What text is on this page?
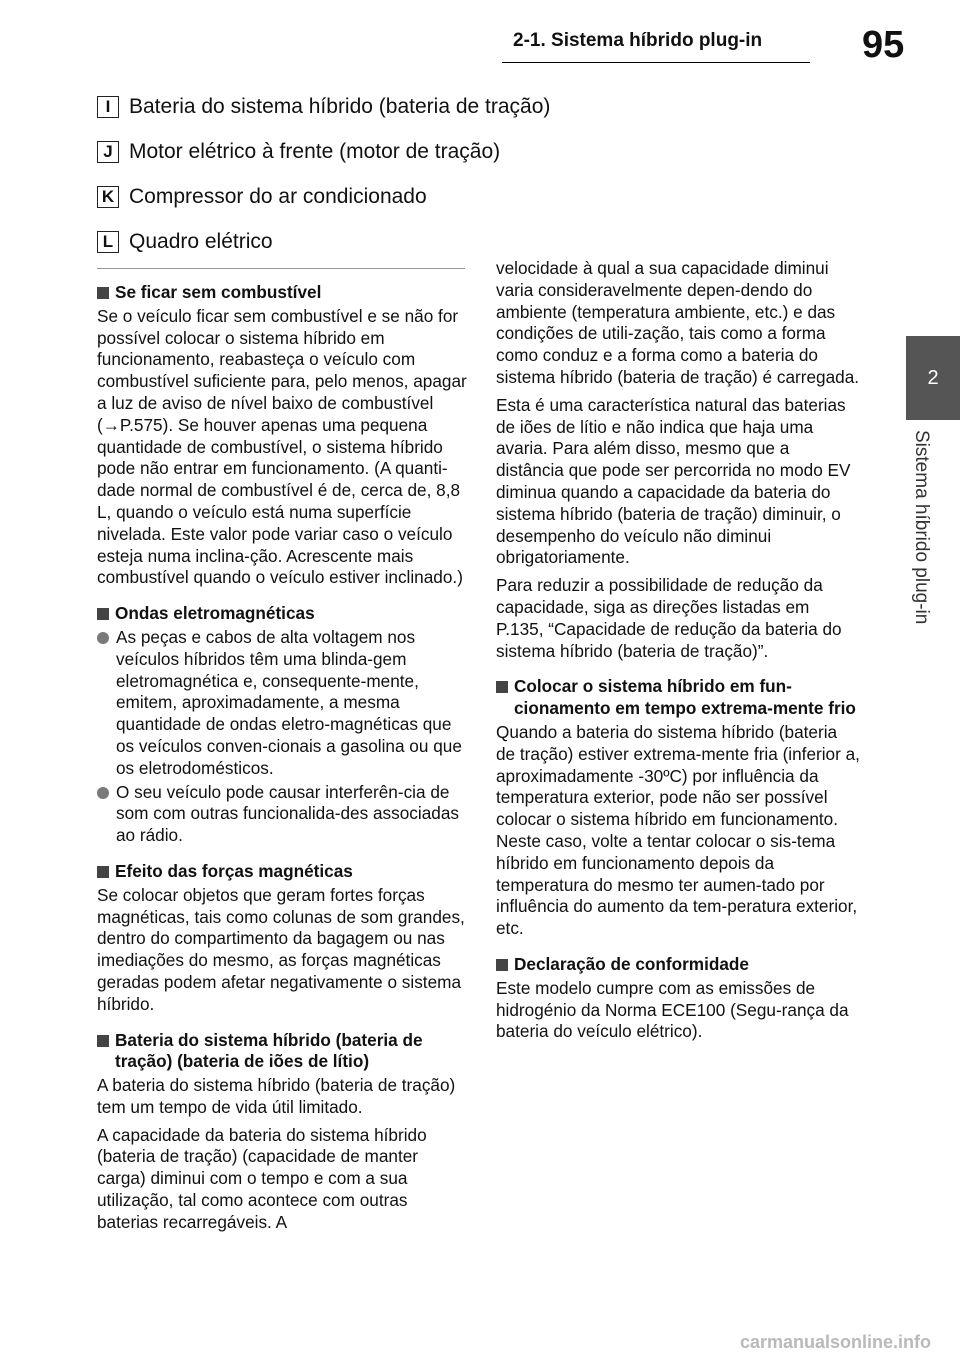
2-1. Sistema híbrido plug-in	95
2
Sistema híbrido plug-in
I Bateria do sistema híbrido (bateria de tração)
J Motor elétrico à frente (motor de tração)
K Compressor do ar condicionado
L Quadro elétrico
Se ficar sem combustível

Se o veículo ficar sem combustível e se não for possível colocar o sistema híbrido em funcionamento, reabasteça o veículo com combustível suficiente para, pelo menos, apagar a luz de aviso de nível baixo de combustível (→P.575). Se houver apenas uma pequena quantidade de combustível, o sistema híbrido pode não entrar em funcionamento. (A quanti-dade normal de combustível é de, cerca de, 8,8 L, quando o veículo está numa superfície nivelada. Este valor pode variar caso o veículo esteja numa inclina-ção. Acrescente mais combustível quando o veículo estiver inclinado.)

Ondas eletromagnéticas
As peças e cabos de alta voltagem nos veículos híbridos têm uma blinda-gem eletromagnética e, consequente-mente, emitem, aproximadamente, a mesma quantidade de ondas eletro-magnéticas que os veículos conven-cionais a gasolina ou que os eletrodomésticos.
O seu veículo pode causar interferên-cia de som com outras funcionalida-des associadas ao rádio.
Efeito das forças magnéticas

Se colocar objetos que geram fortes forças magnéticas, tais como colunas de som grandes, dentro do compartimento da bagagem ou nas imediações do mesmo, as forças magnéticas geradas podem afetar negativamente o sistema híbrido.

Bateria do sistema híbrido (bateria de tração) (bateria de iões de lítio)

A bateria do sistema híbrido (bateria de tração) tem um tempo de vida útil limitado.

A capacidade da bateria do sistema híbrido (bateria de tração) (capacidade de manter carga) diminui com o tempo e com a sua utilização, tal como acontece com outras baterias recarregáveis. A

velocidade à qual a sua capacidade diminui varia consideravelmente depen-dendo do ambiente (temperatura ambiente, etc.) e das condições de utili-zação, tais como a forma como conduz e a forma como a bateria do sistema híbrido (bateria de tração) é carregada.

Esta é uma característica natural das baterias de iões de lítio e não indica que haja uma avaria. Para além disso, mesmo que a distância que pode ser percorrida no modo EV diminua quando a capacidade da bateria do sistema híbrido (bateria de tração) diminuir, o desempenho do veículo não diminui obrigatoriamente.

Para reduzir a possibilidade de redução da capacidade, siga as direções listadas em P.135, “Capacidade de redução da bateria do sistema híbrido (bateria de tração)”.

Colocar o sistema híbrido em fun-cionamento em tempo extrema-mente frio

Quando a bateria do sistema híbrido (bateria de tração) estiver extrema-mente fria (inferior a, aproximadamente -30ºC) por influência da temperatura exterior, pode não ser possível colocar o sistema híbrido em funcionamento. Neste caso, volte a tentar colocar o sis-tema híbrido em funcionamento depois da temperatura do mesmo ter aumen-tado por influência do aumento da tem-peratura exterior, etc.

Declaração de conformidade

Este modelo cumpre com as emissões de hidrogénio da Norma ECE100 (Segu-rança da bateria do veículo elétrico).

carmanualsonline.info
